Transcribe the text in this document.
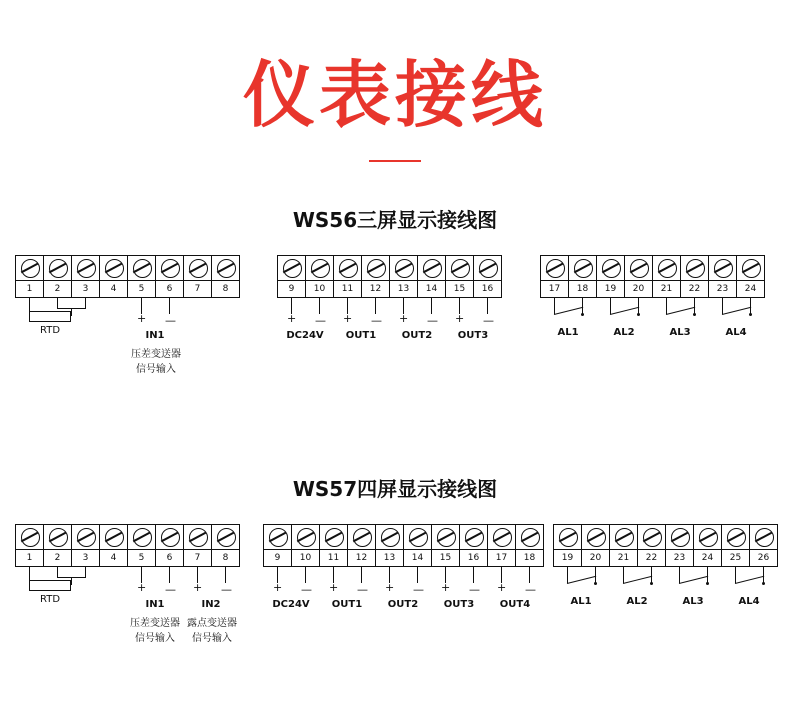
仪表接线
WS56三屏显示接线图
1	2	3	4	5	6	7	8
RTD
+ —
IN1
压差变送器
信号输入
9	10	11	12	13	14	15	16
+ — + — + — + —
DC24V	OUT1	OUT2	OUT3
17	18	19	20	21	22	23	24
AL1	AL2	AL3	AL4
WS57四屏显示接线图
1	2	3	4	5	6	7	8
RTD
+ — + —
IN1	IN2
压差变送器
信号输入
露点变送器
信号输入
9	10	11	12	13	14	15	16	17	18
+ — + — + — + — + —
DC24V	OUT1	OUT2	OUT3	OUT4
19	20	21	22	23	24	25	26
AL1	AL2	AL3	AL4
